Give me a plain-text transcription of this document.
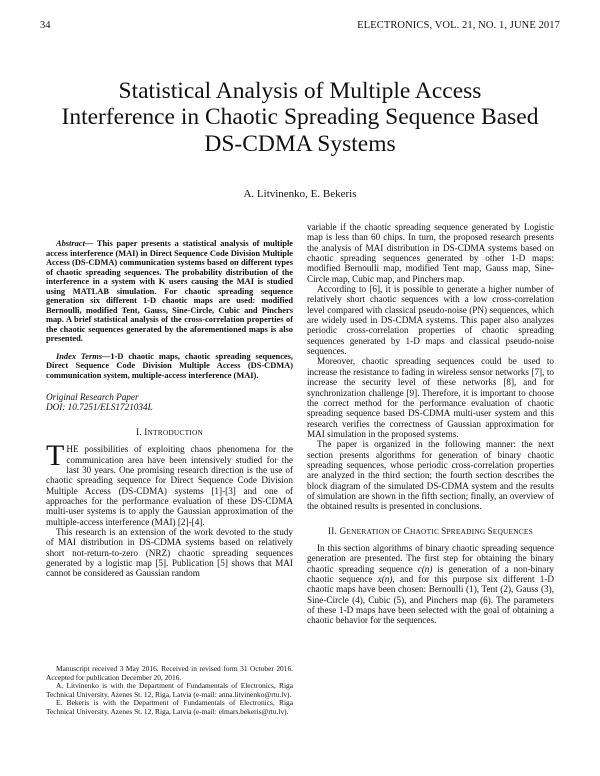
34	ELECTRONICS, VOL. 21, NO. 1, JUNE 2017
Statistical Analysis of Multiple Access Interference in Chaotic Spreading Sequence Based DS-CDMA Systems
A. Litvinenko, E. Bekeris

Abstract— This paper presents a statistical analysis of multiple access interference (MAI) in Direct Sequence Code Division Multiple Access (DS-CDMA) communication systems based on different types of chaotic spreading sequences. The probability distribution of the interference in a system with K users causing the MAI is studied using MATLAB simulation. For chaotic spreading sequence generation six different 1-D chaotic maps are used: modified Bernoulli, modified Tent, Gauss, Sine-Circle, Cubic and Pinchers map. A brief statistical analysis of the cross-correlation properties of the chaotic sequences generated by the aforementioned maps is also presented.

Index Terms—1-D chaotic maps, chaotic spreading sequences, Direct Sequence Code Division Multiple Access (DS-CDMA) communication system, multiple-access interference (MAI).

Original Research Paper
DOI: 10.7251/ELS1721034L
I. INTRODUCTION

THE possibilities of exploiting chaos phenomena for the communication area have been intensively studied for the last 30 years. One promising research direction is the use of chaotic spreading sequence for Direct Sequence Code Division Multiple Access (DS-CDMA) systems [1]-[3] and one of approaches for the performance evaluation of these DS-CDMA multi-user systems is to apply the Gaussian approximation of the multiple-access interference (MAI) [2]-[4].

This research is an extension of the work devoted to the study of MAI distribution in DS-CDMA systems based on relatively short not-return-to-zero (NRZ) chaotic spreading sequences generated by a logistic map [5]. Publication [5] shows that MAI cannot be considered as Gaussian random

Manuscript received 3 May 2016. Received in revised form 31 October 2016. Accepted for publication December 20, 2016.

A. Litvinenko is with the Department of Fundamentals of Electronics, Riga Technical University, Azenes St. 12, Riga, Latvia (e-mail: anna.litvinenko@rtu.lv).

E. Bekeris is with the Department of Fundamentals of Electronics, Riga Technical University, Azenes St. 12, Riga, Latvia (e-mail: elmars.bekeris@rtu.lv).

variable if the chaotic spreading sequence generated by Logistic map is less than 60 chips. In turn, the proposed research presents the analysis of MAI distribution in DS-CDMA systems based on chaotic spreading sequences generated by other 1-D maps: modified Bernoulli map, modified Tent map, Gauss map, Sine-Circle map, Cubic map, and Pinchers map.

According to [6], it is possible to generate a higher number of relatively short chaotic sequences with a low cross-correlation level compared with classical pseudo-noise (PN) sequences, which are widely used in DS-CDMA systems. This paper also analyzes periodic cross-correlation properties of chaotic spreading sequences generated by 1-D maps and classical pseudo-noise sequences.

Moreover, chaotic spreading sequences could be used to increase the resistance to fading in wireless sensor networks [7], to increase the security level of these networks [8], and for synchronization challenge [9]. Therefore, it is important to choose the correct method for the performance evaluation of chaotic spreading sequence based DS-CDMA multi-user system and this research verifies the correctness of Gaussian approximation for MAI simulation in the proposed systems.

The paper is organized in the following manner: the next section presents algorithms for generation of binary chaotic spreading sequences, whose periodic cross-correlation properties are analyzed in the third section; the fourth section describes the block diagram of the simulated DS-CDMA system and the results of simulation are shown in the fifth section; finally, an overview of the obtained results is presented in conclusions.

II. GENERATION OF CHAOTIC SPREADING SEQUENCES

In this section algorithms of binary chaotic spreading sequence generation are presented. The first step for obtaining the binary chaotic spreading sequence c(n) is generation of a non-binary chaotic sequence x(n), and for this purpose six different 1-D chaotic maps have been chosen: Bernoulli (1), Tent (2), Gauss (3), Sine-Circle (4), Cubic (5), and Pinchers map (6). The parameters of these 1-D maps have been selected with the goal of obtaining a chaotic behavior for the sequences.
